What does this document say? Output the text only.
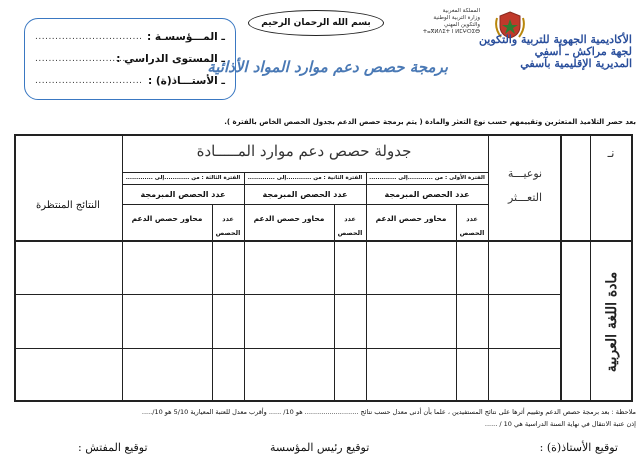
ـ المـــؤسسـة :
................................
ـ المستوى الدراسي :
................................
ـ الأستـــاذ(ة) :
................................
بسم الله الرحمان الرحيم
المملكة المغربية
وزارة التربية الوطنية
والتكوين المهني
ⵜⴰⴳⵍⴷⵉⵜ ⵏ ⵍⵎⵖⵔⵉⴱ
الأكاديمية الجهوية للتربية والتكوين
لجهة مراكش ـ أسفي
المديرية الإقليمية بآسفي
برمجة حصص دعم موارد المواد الأذائية
بعد حصر التلاميذ المتعثرين وتقييمهم حسب نوع التعثر والمادة ( يتم برمجة حصص الدعم بجدول الحصص الخاص بالفترة ).
جدولة حصص دعم موارد المـــــادة
الفترة الأولى : من ............إلى .............
الفترة الثانية : من ............إلى .............
الفترة الثالثة : من ............إلى .............
عدد الحصص المبرمجة
عدد الحصص المبرمجة
عدد الحصص المبرمجة
محاور حصص الدعم
محاور حصص الدعم
محاور حصص الدعم	عدد
الحصص
عدد
الحصص
عدد
الحصص
النتائج المنتظرة
نوعيـــة
التعـــثر
نـ
مادة اللغة العربية
ملاحظة : بعد برمجة حصص الدعم وتقييم أثرها على نتائج المستفيدين ، علما بأن أدنى معدل حسب نتائج .......................... هو 10/ ...... وأقرب معدل للعتبة المعيارية 5/10 هو 10/.....
إذن عتبة الانتقال في نهاية السنة الدراسية هي 10 / ......
توقيع الأستاذ(ة) :
توقيع رئيس المؤسسة
توقيع المفتش :
